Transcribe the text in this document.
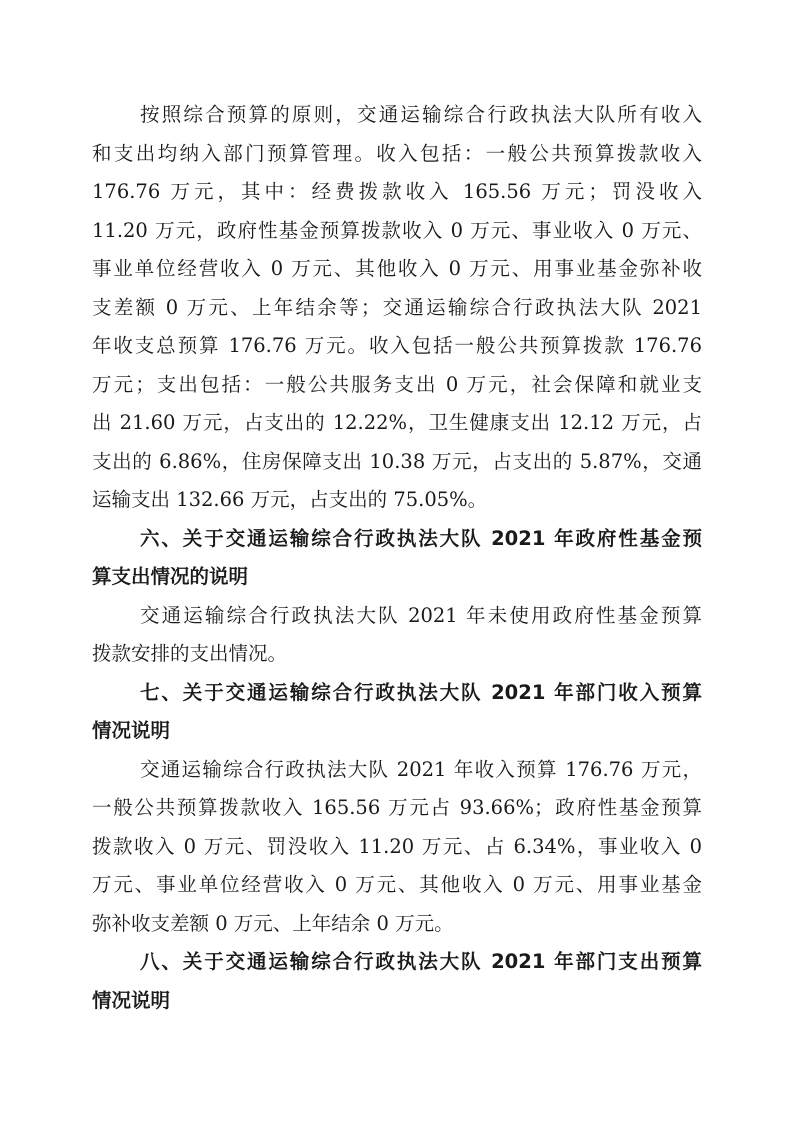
按照综合预算的原则，交通运输综合行政执法大队所有收入
和支出均纳入部门预算管理。收入包括：一般公共预算拨款收入
176.76 万元，其中：经费拨款收入 165.56 万元；罚没收入
11.20 万元，政府性基金预算拨款收入 0 万元、事业收入 0 万元、
事业单位经营收入 0 万元、其他收入 0 万元、用事业基金弥补收
支差额 0 万元、上年结余等；交通运输综合行政执法大队 2021
年收支总预算 176.76 万元。收入包括一般公共预算拨款 176.76
万元；支出包括：一般公共服务支出 0 万元，社会保障和就业支
出 21.60 万元，占支出的 12.22%，卫生健康支出 12.12 万元，占
支出的 6.86%，住房保障支出 10.38 万元，占支出的 5.87%，交通
运输支出 132.66 万元，占支出的 75.05%。
六、关于交通运输综合行政执法大队 2021 年政府性基金预
算支出情况的说明
交通运输综合行政执法大队 2021 年未使用政府性基金预算
拨款安排的支出情况。
七、关于交通运输综合行政执法大队 2021 年部门收入预算
情况说明
交通运输综合行政执法大队 2021 年收入预算 176.76 万元，
一般公共预算拨款收入 165.56 万元占 93.66%；政府性基金预算
拨款收入 0 万元、罚没收入 11.20 万元、占 6.34%，事业收入 0
万元、事业单位经营收入 0 万元、其他收入 0 万元、用事业基金
弥补收支差额 0 万元、上年结余 0 万元。
八、关于交通运输综合行政执法大队 2021 年部门支出预算
情况说明
